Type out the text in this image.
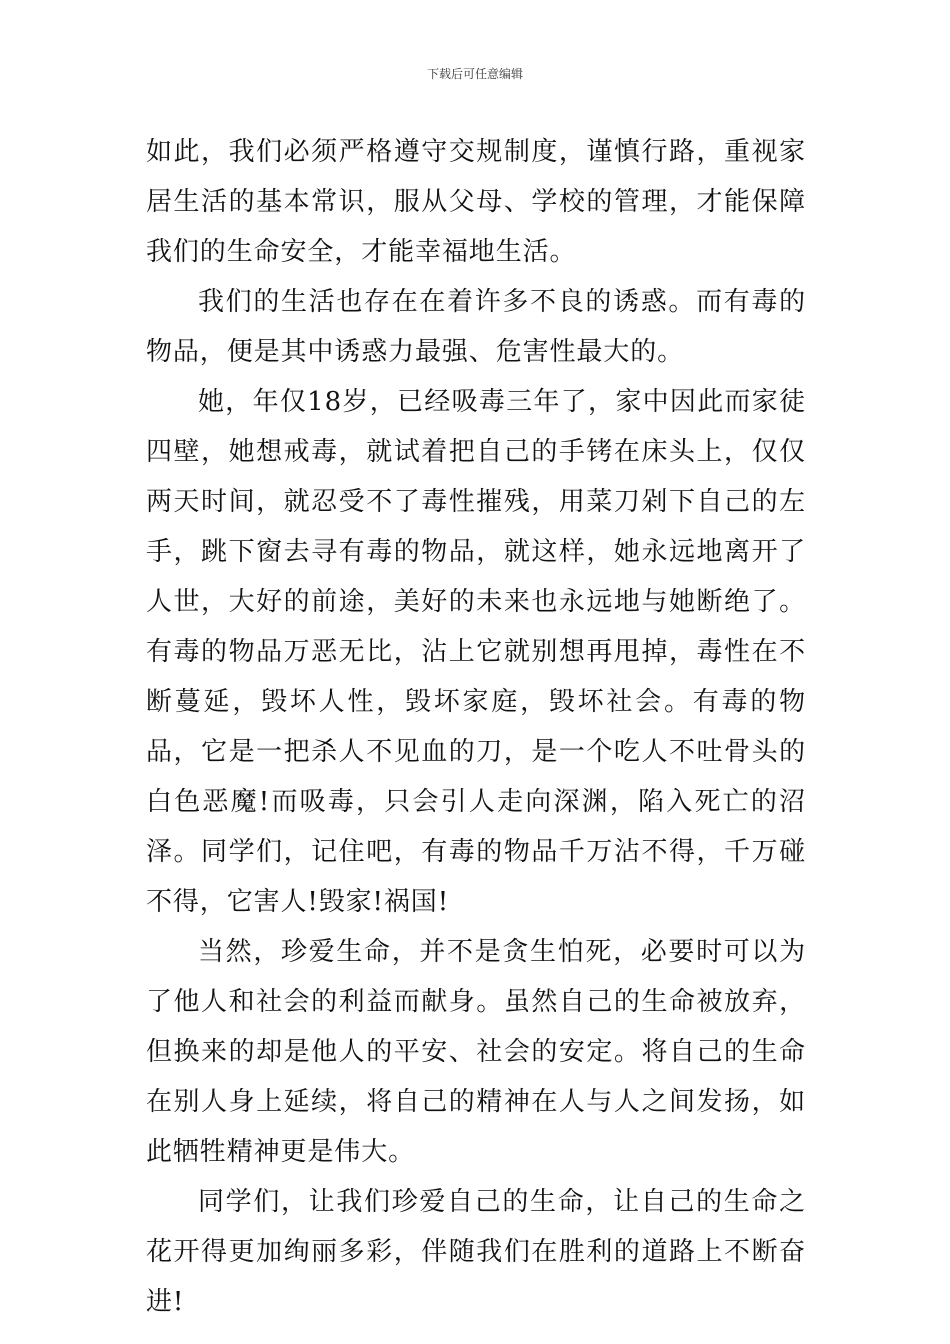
下载后可任意编辑

如此，我们必须严格遵守交规制度，谨慎行路，重视家居生活的基本常识，服从父母、学校的管理，才能保障我们的生命安全，才能幸福地生活。

我们的生活也存在在着许多不良的诱惑。而有毒的物品，便是其中诱惑力最强、危害性最大的。

她，年仅18岁，已经吸毒三年了，家中因此而家徒四壁，她想戒毒，就试着把自己的手铐在床头上，仅仅两天时间，就忍受不了毒性摧残，用菜刀剁下自己的左手，跳下窗去寻有毒的物品，就这样，她永远地离开了人世，大好的前途，美好的未来也永远地与她断绝了。有毒的物品万恶无比，沾上它就别想再甩掉，毒性在不断蔓延，毁坏人性，毁坏家庭，毁坏社会。有毒的物品，它是一把杀人不见血的刀，是一个吃人不吐骨头的白色恶魔!而吸毒，只会引人走向深渊，陷入死亡的沼泽。同学们，记住吧，有毒的物品千万沾不得，千万碰不得，它害人!毁家!祸国!

当然，珍爱生命，并不是贪生怕死，必要时可以为了他人和社会的利益而献身。虽然自己的生命被放弃，但换来的却是他人的平安、社会的安定。将自己的生命在别人身上延续，将自己的精神在人与人之间发扬，如此牺牲精神更是伟大。

同学们，让我们珍爱自己的生命，让自己的生命之花开得更加绚丽多彩，伴随我们在胜利的道路上不断奋进!
